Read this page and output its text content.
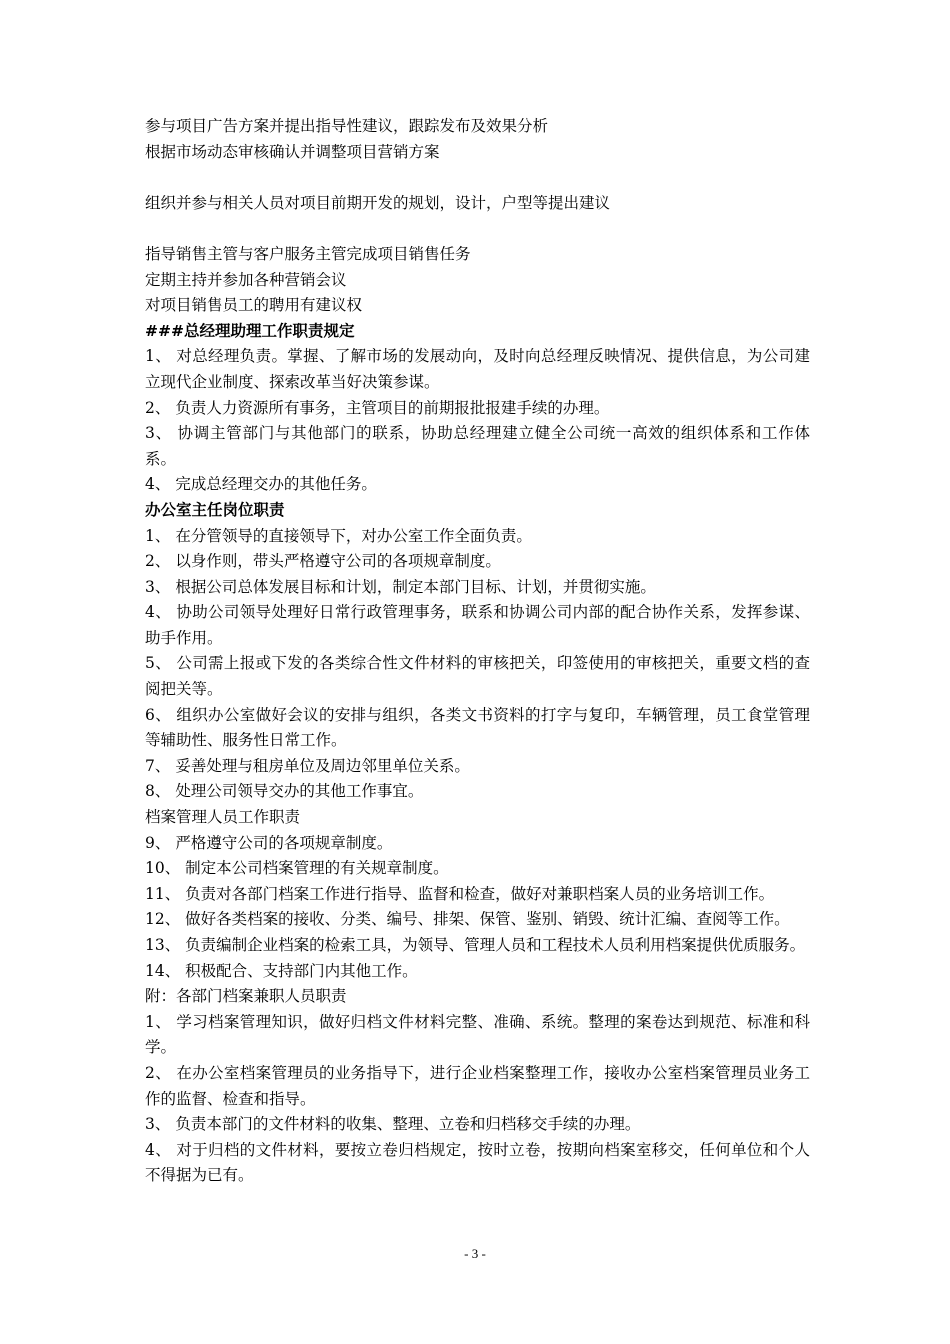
参与项目广告方案并提出指导性建议，跟踪发布及效果分析

根据市场动态审核确认并调整项目营销方案

组织并参与相关人员对项目前期开发的规划，设计，户型等提出建议

指导销售主管与客户服务主管完成项目销售任务

定期主持并参加各种营销会议

对项目销售员工的聘用有建议权

###总经理助理工作职责规定

1、 对总经理负责。掌握、了解市场的发展动向，及时向总经理反映情况、提供信息，为公司建立现代企业制度、探索改革当好决策参谋。

2、 负责人力资源所有事务，主管项目的前期报批报建手续的办理。

3、 协调主管部门与其他部门的联系，协助总经理建立健全公司统一高效的组织体系和工作体系。

4、 完成总经理交办的其他任务。

办公室主任岗位职责

1、 在分管领导的直接领导下，对办公室工作全面负责。

2、 以身作则，带头严格遵守公司的各项规章制度。

3、 根据公司总体发展目标和计划，制定本部门目标、计划，并贯彻实施。

4、 协助公司领导处理好日常行政管理事务，联系和协调公司内部的配合协作关系，发挥参谋、助手作用。

5、 公司需上报或下发的各类综合性文件材料的审核把关，印签使用的审核把关，重要文档的查阅把关等。

6、 组织办公室做好会议的安排与组织，各类文书资料的打字与复印，车辆管理，员工食堂管理等辅助性、服务性日常工作。

7、 妥善处理与租房单位及周边邻里单位关系。

8、 处理公司领导交办的其他工作事宜。

档案管理人员工作职责

9、 严格遵守公司的各项规章制度。

10、 制定本公司档案管理的有关规章制度。

11、 负责对各部门档案工作进行指导、监督和检查，做好对兼职档案人员的业务培训工作。

12、 做好各类档案的接收、分类、编号、排架、保管、鉴别、销毁、统计汇编、查阅等工作。

13、 负责编制企业档案的检索工具，为领导、管理人员和工程技术人员利用档案提供优质服务。

14、 积极配合、支持部门内其他工作。

附：各部门档案兼职人员职责

1、 学习档案管理知识，做好归档文件材料完整、准确、系统。整理的案卷达到规范、标准和科学。

2、 在办公室档案管理员的业务指导下，进行企业档案整理工作，接收办公室档案管理员业务工作的监督、检查和指导。

3、 负责本部门的文件材料的收集、整理、立卷和归档移交手续的办理。

4、 对于归档的文件材料，要按立卷归档规定，按时立卷，按期向档案室移交，任何单位和个人不得据为已有。

- 3 -
